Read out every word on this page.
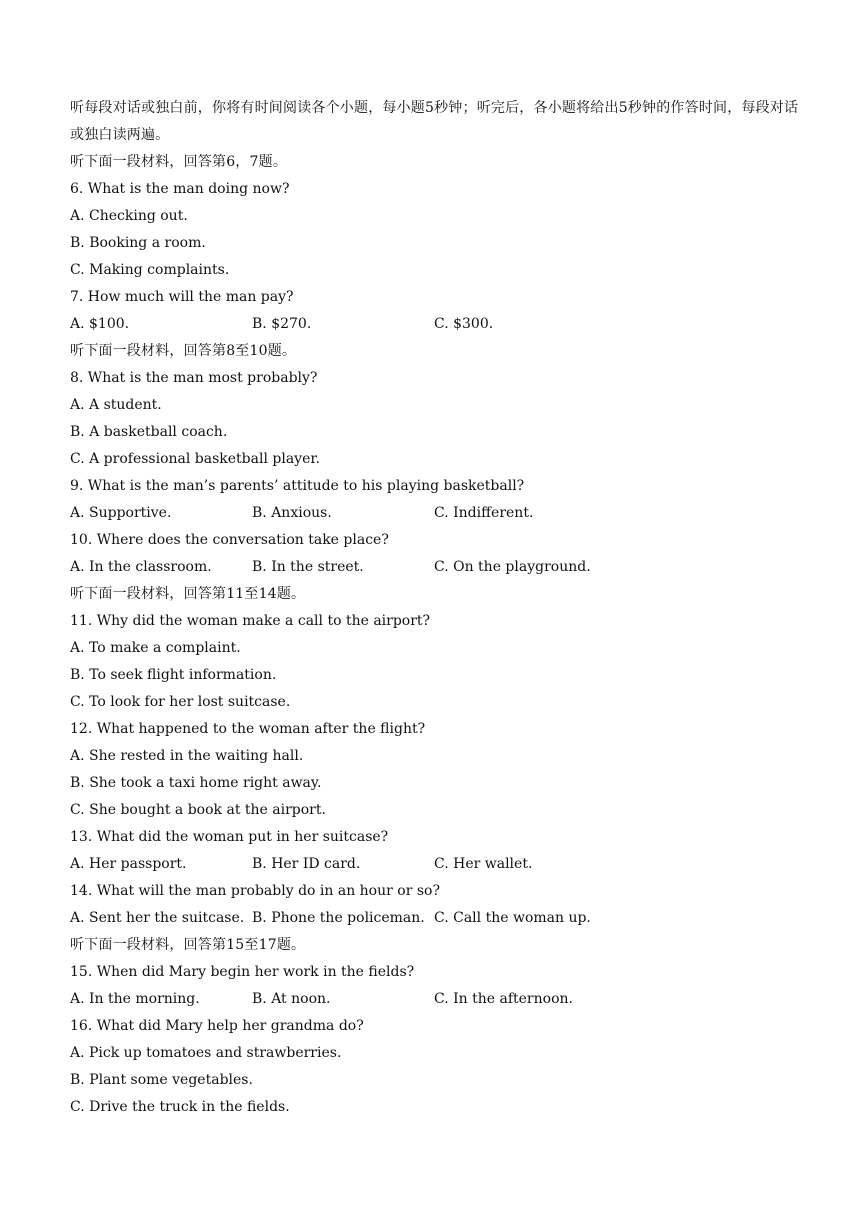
听每段对话或独白前，你将有时间阅读各个小题，每小题5秒钟；听完后，各小题将给出5秒钟的作答时间，每段对话或独白读两遍。
听下面一段材料，回答第6，7题。
6. What is the man doing now?
A. Checking out.
B. Booking a room.
C. Making complaints.
7. How much will the man pay?
A. $100.	B. $270.	C. $300.
听下面一段材料，回答第8至10题。
8. What is the man most probably?
A. A student.
B. A basketball coach.
C. A professional basketball player.
9. What is the man’s parents’ attitude to his playing basketball?
A. Supportive.	B. Anxious.	C. Indifferent.
10. Where does the conversation take place?
A. In the classroom.	B. In the street.	C. On the playground.
听下面一段材料，回答第11至14题。
11. Why did the woman make a call to the airport?
A. To make a complaint.
B. To seek flight information.
C. To look for her lost suitcase.
12. What happened to the woman after the flight?
A. She rested in the waiting hall.
B. She took a taxi home right away.
C. She bought a book at the airport.
13. What did the woman put in her suitcase?
A. Her passport.	B. Her ID card.	C. Her wallet.
14. What will the man probably do in an hour or so?
A. Sent her the suitcase. B. Phone the policeman. C. Call the woman up.
听下面一段材料，回答第15至17题。
15. When did Mary begin her work in the fields?
A. In the morning.	B. At noon.	C. In the afternoon.
16. What did Mary help her grandma do?
A. Pick up tomatoes and strawberries.
B. Plant some vegetables.
C. Drive the truck in the fields.
